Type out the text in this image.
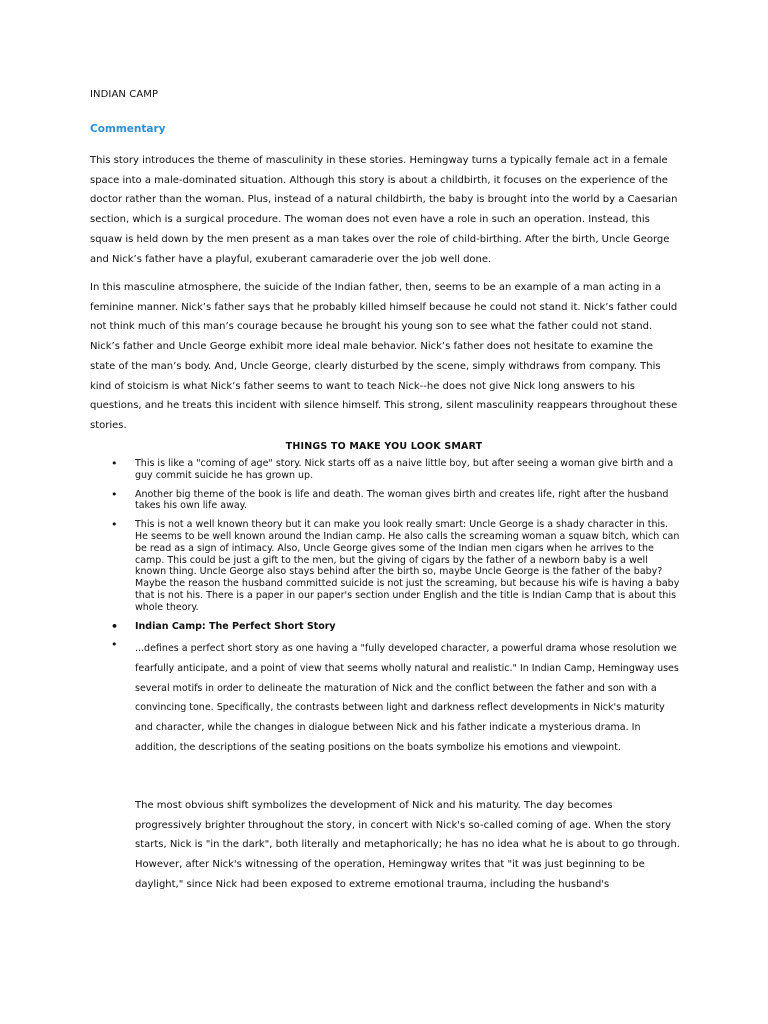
INDIAN CAMP
Commentary

This story introduces the theme of masculinity in these stories. Hemingway turns a typically female act in a female space into a male-dominated situation. Although this story is about a childbirth, it focuses on the experience of the doctor rather than the woman. Plus, instead of a natural childbirth, the baby is brought into the world by a Caesarian section, which is a surgical procedure. The woman does not even have a role in such an operation. Instead, this squaw is held down by the men present as a man takes over the role of child-birthing. After the birth, Uncle George and Nick’s father have a playful, exuberant camaraderie over the job well done.

In this masculine atmosphere, the suicide of the Indian father, then, seems to be an example of a man acting in a feminine manner. Nick’s father says that he probably killed himself because he could not stand it. Nick’s father could not think much of this man’s courage because he brought his young son to see what the father could not stand. Nick’s father and Uncle George exhibit more ideal male behavior. Nick’s father does not hesitate to examine the state of the man’s body. And, Uncle George, clearly disturbed by the scene, simply withdraws from company. This kind of stoicism is what Nick’s father seems to want to teach Nick--he does not give Nick long answers to his questions, and he treats this incident with silence himself. This strong, silent masculinity reappears throughout these stories.

THINGS TO MAKE YOU LOOK SMART
• This is like a "coming of age" story. Nick starts off as a naive little boy, but after seeing a woman give birth and a guy commit suicide he has grown up.
• Another big theme of the book is life and death. The woman gives birth and creates life, right after the husband takes his own life away.
• This is not a well known theory but it can make you look really smart: Uncle George is a shady character in this. He seems to be well known around the Indian camp. He also calls the screaming woman a squaw bitch, which can be read as a sign of intimacy. Also, Uncle George gives some of the Indian men cigars when he arrives to the camp. This could be just a gift to the men, but the giving of cigars by the father of a newborn baby is a well known thing. Uncle George also stays behind after the birth so, maybe Uncle George is the father of the baby? Maybe the reason the husband committed suicide is not just the screaming, but because his wife is having a baby that is not his. There is a paper in our paper's section under English and the title is Indian Camp that is about this whole theory.
• Indian Camp: The Perfect Short Story
• ...defines a perfect short story as one having a "fully developed character, a powerful drama whose resolution we fearfully anticipate, and a point of view that seems wholly natural and realistic." In Indian Camp, Hemingway uses several motifs in order to delineate the maturation of Nick and the conflict between the father and son with a convincing tone. Specifically, the contrasts between light and darkness reflect developments in Nick's maturity and character, while the changes in dialogue between Nick and his father indicate a mysterious drama. In addition, the descriptions of the seating positions on the boats symbolize his emotions and viewpoint.

The most obvious shift symbolizes the development of Nick and his maturity. The day becomes progressively brighter throughout the story, in concert with Nick's so-called coming of age. When the story starts, Nick is "in the dark", both literally and metaphorically; he has no idea what he is about to go through. However, after Nick's witnessing of the operation, Hemingway writes that "it was just beginning to be daylight," since Nick had been exposed to extreme emotional trauma, including the husband's
